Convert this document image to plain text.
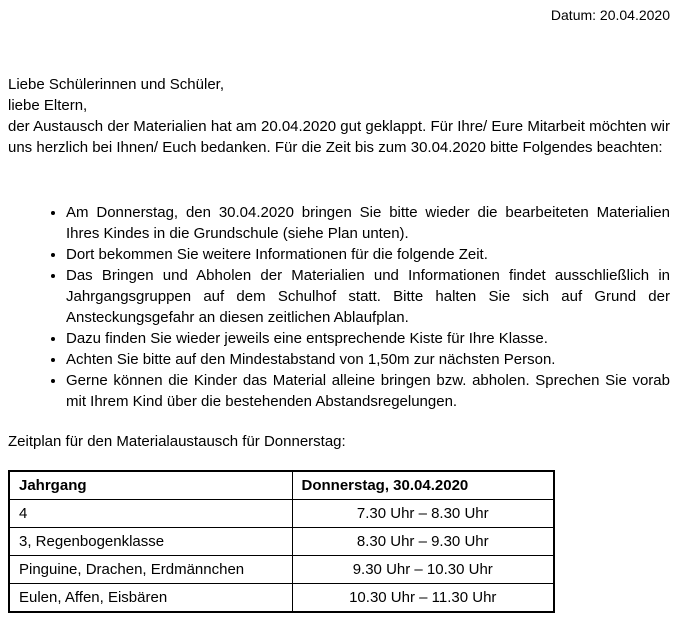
Datum: 20.04.2020

Liebe Schülerinnen und Schüler,

liebe Eltern,

der Austausch der Materialien hat am 20.04.2020 gut geklappt. Für Ihre/ Eure Mitarbeit möchten wir uns herzlich bei Ihnen/ Euch bedanken. Für die Zeit bis zum 30.04.2020 bitte Folgendes beachten:

• Am Donnerstag, den 30.04.2020 bringen Sie bitte wieder die bearbeiteten Materialien Ihres Kindes in die Grundschule (siehe Plan unten).
• Dort bekommen Sie weitere Informationen für die folgende Zeit.
• Das Bringen und Abholen der Materialien und Informationen findet ausschließlich in Jahrgangsgruppen auf dem Schulhof statt. Bitte halten Sie sich auf Grund der Ansteckungsgefahr an diesen zeitlichen Ablaufplan.
• Dazu finden Sie wieder jeweils eine entsprechende Kiste für Ihre Klasse.
• Achten Sie bitte auf den Mindestabstand von 1,50m zur nächsten Person.
• Gerne können die Kinder das Material alleine bringen bzw. abholen. Sprechen Sie vorab mit Ihrem Kind über die bestehenden Abstandsregelungen.

Zeitplan für den Materialaustausch für Donnerstag:

Jahrgang	Donnerstag, 30.04.2020
4	7.30 Uhr – 8.30 Uhr
3, Regenbogenklasse	8.30 Uhr – 9.30 Uhr
Pinguine, Drachen, Erdmännchen	9.30 Uhr – 10.30 Uhr
Eulen, Affen, Eisbären	10.30 Uhr – 11.30 Uhr
